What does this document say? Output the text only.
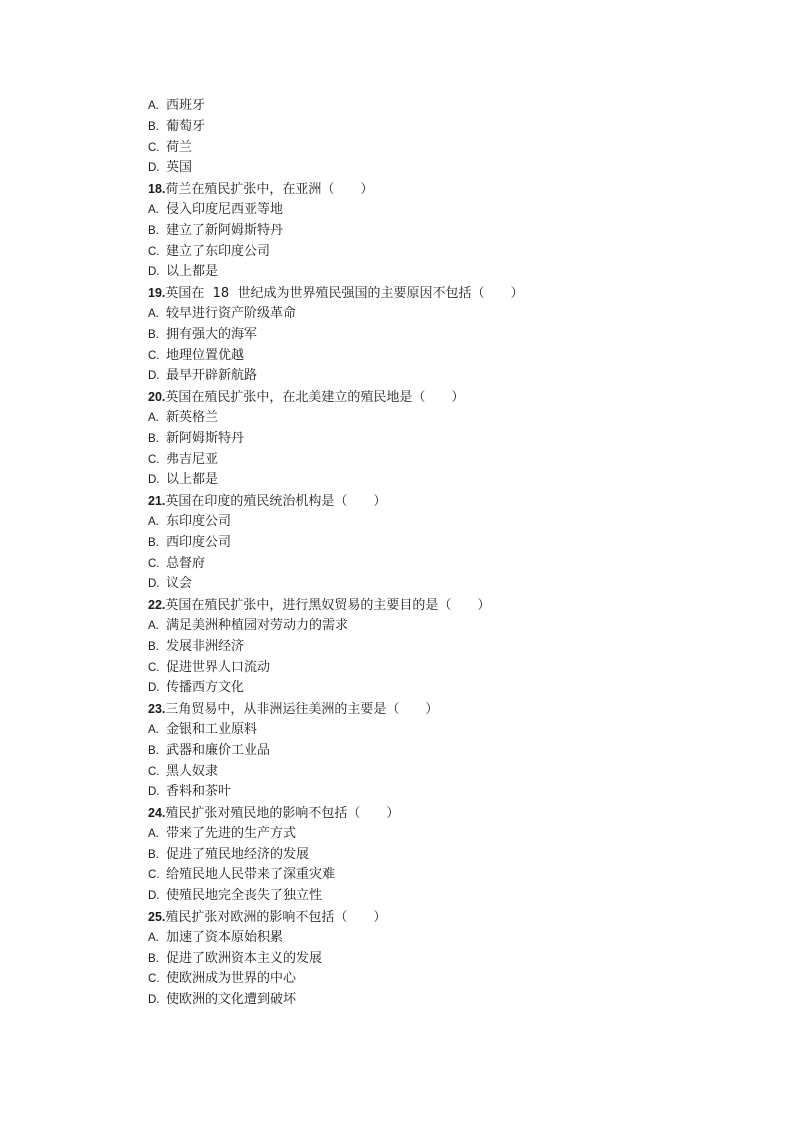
A. 西班牙
B. 葡萄牙
C. 荷兰
D. 英国
18.荷兰在殖民扩张中，在亚洲（　　）
A. 侵入印度尼西亚等地
B. 建立了新阿姆斯特丹
C. 建立了东印度公司
D. 以上都是
19.英国在  18  世纪成为世界殖民强国的主要原因不包括（　　）
A. 较早进行资产阶级革命
B. 拥有强大的海军
C. 地理位置优越
D. 最早开辟新航路
20.英国在殖民扩张中，在北美建立的殖民地是（　　）
A. 新英格兰
B. 新阿姆斯特丹
C. 弗吉尼亚
D. 以上都是
21.英国在印度的殖民统治机构是（　　）
A. 东印度公司
B. 西印度公司
C. 总督府
D. 议会
22.英国在殖民扩张中，进行黑奴贸易的主要目的是（　　）
A. 满足美洲种植园对劳动力的需求
B. 发展非洲经济
C. 促进世界人口流动
D. 传播西方文化
23.三角贸易中，从非洲运往美洲的主要是（　　）
A. 金银和工业原料
B. 武器和廉价工业品
C. 黑人奴隶
D. 香料和茶叶
24.殖民扩张对殖民地的影响不包括（　　）
A. 带来了先进的生产方式
B. 促进了殖民地经济的发展
C. 给殖民地人民带来了深重灾难
D. 使殖民地完全丧失了独立性
25.殖民扩张对欧洲的影响不包括（　　）
A. 加速了资本原始积累
B. 促进了欧洲资本主义的发展
C. 使欧洲成为世界的中心
D. 使欧洲的文化遭到破坏
